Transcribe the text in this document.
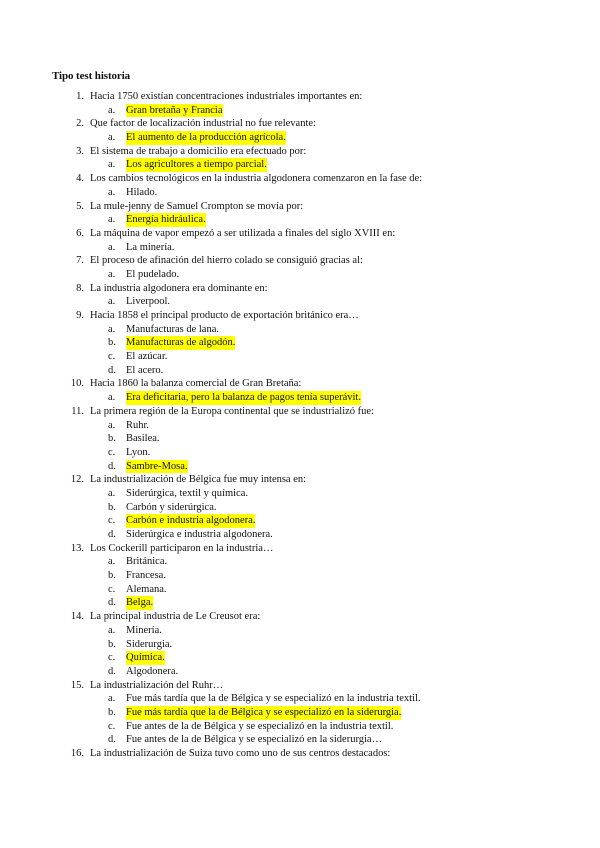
Tipo test historia
1. Hacia 1750 existían concentraciones industriales importantes en:
a. Gran bretaña y Francia
2. Que factor de localización industrial no fue relevante:
a. El aumento de la producción agrícola.
3. El sistema de trabajo a domicilio era efectuado por:
a. Los agricultores a tiempo parcial.
4. Los cambios tecnológicos en la industria algodonera comenzaron en la fase de:
a. Hilado.
5. La mule-jenny de Samuel Crompton se movía por:
a. Energía hidráulica.
6. La máquina de vapor empezó a ser utilizada a finales del siglo XVIII en:
a. La minería.
7. El proceso de afinación del hierro colado se consiguió gracias al:
a. El pudelado.
8. La industria algodonera era dominante en:
a. Liverpool.
9. Hacia 1858 el principal producto de exportación británico era…
a. Manufacturas de lana.
b. Manufacturas de algodón.
c. El azúcar.
d. El acero.
10. Hacia 1860 la balanza comercial de Gran Bretaña:
a. Era deficitaria, pero la balanza de pagos tenía superávit.
11. La primera región de la Europa continental que se industrializó fue:
a. Ruhr.
b. Basilea.
c. Lyon.
d. Sambre-Mosa.
12. La industrialización de Bélgica fue muy intensa en:
a. Siderúrgica, textil y química.
b. Carbón y siderúrgica.
c. Carbón e industria algodonera.
d. Siderúrgica e industria algodonera.
13. Los Cockerill participaron en la industria…
a. Británica.
b. Francesa.
c. Alemana.
d. Belga.
14. La principal industria de Le Creusot era:
a. Minería.
b. Siderurgia.
c. Química.
d. Algodonera.
15. La industrialización del Ruhr…
a. Fue más tardía que la de Bélgica y se especializó en la industria textil.
b. Fue más tardía que la de Bélgica y se especializó en la siderurgia.
c. Fue antes de la de Bélgica y se especializó en la industria textil.
d. Fue antes de la de Bélgica y se especializó en la siderurgia…
16. La industrialización de Suiza tuvo como uno de sus centros destacados:
